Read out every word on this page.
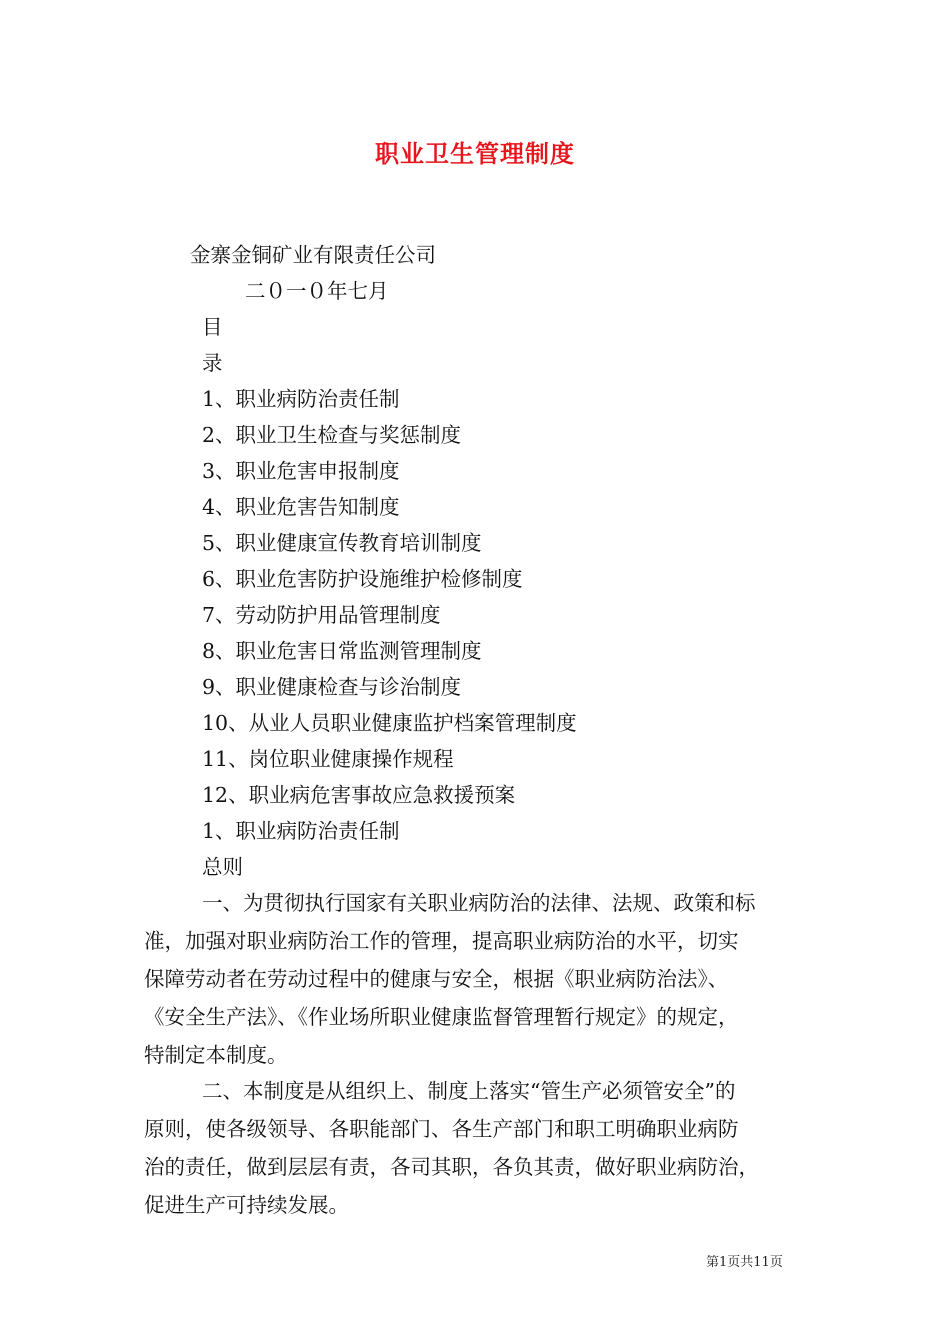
职业卫生管理制度
金寨金铜矿业有限责任公司
二０一０年七月
目
录
1、职业病防治责任制
2、职业卫生检查与奖惩制度
3、职业危害申报制度
4、职业危害告知制度
5、职业健康宣传教育培训制度
6、职业危害防护设施维护检修制度
7、劳动防护用品管理制度
8、职业危害日常监测管理制度
9、职业健康检查与诊治制度
10、从业人员职业健康监护档案管理制度
11、岗位职业健康操作规程
12、职业病危害事故应急救援预案
1、职业病防治责任制
总则
一、为贯彻执行国家有关职业病防治的法律、法规、政策和标
准，加强对职业病防治工作的管理，提高职业病防治的水平，切实
保障劳动者在劳动过程中的健康与安全，根据《职业病防治法》、
《安全生产法》、《作业场所职业健康监督管理暂行规定》的规定，
特制定本制度。
二、本制度是从组织上、制度上落实“管生产必须管安全”的
原则，使各级领导、各职能部门、各生产部门和职工明确职业病防
治的责任，做到层层有责，各司其职，各负其责，做好职业病防治，
促进生产可持续发展。
第1页共11页
